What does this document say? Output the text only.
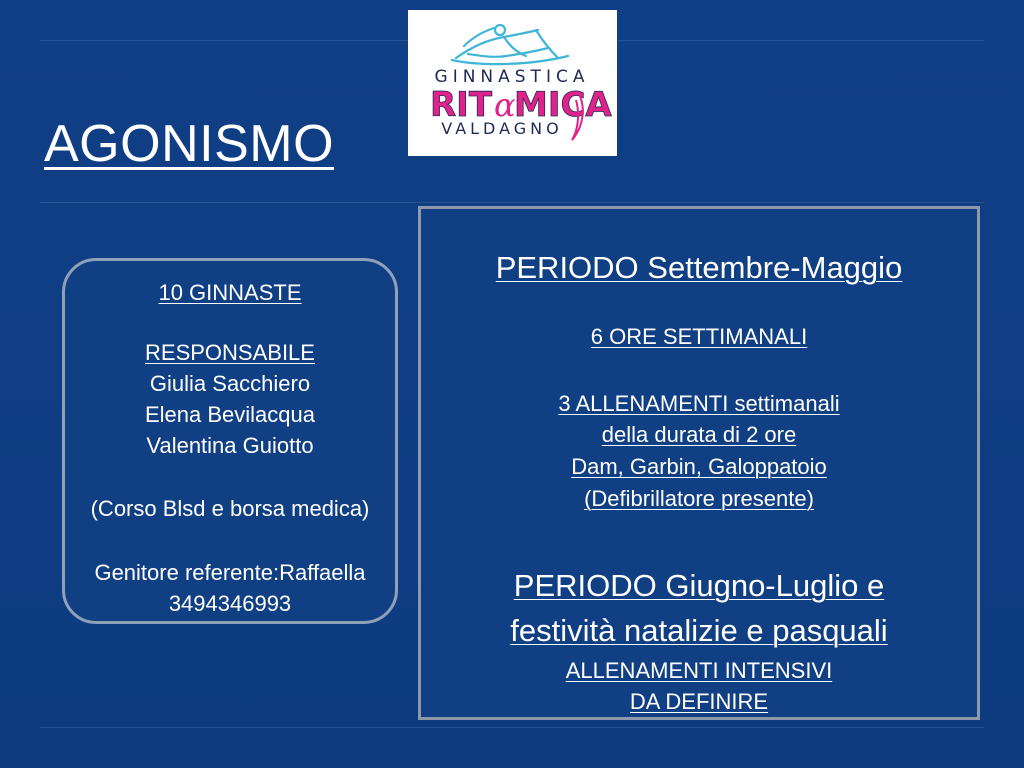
AGONISMO
GINNASTICA
RIT α
MICA
VALDAGNO
10 GINNASTE
RESPONSABILE
Giulia Sacchiero
Elena Bevilacqua
Valentina Guiotto
(Corso Blsd e borsa medica)
Genitore referente:Raffaella
3494346993
PERIODO Settembre-Maggio
6 ORE SETTIMANALI
3 ALLENAMENTI settimanali
della durata di 2 ore
Dam, Garbin, Galoppatoio
(Defibrillatore presente)
PERIODO Giugno-Luglio e
festività natalizie e pasquali
ALLENAMENTI INTENSIVI
DA DEFINIRE
